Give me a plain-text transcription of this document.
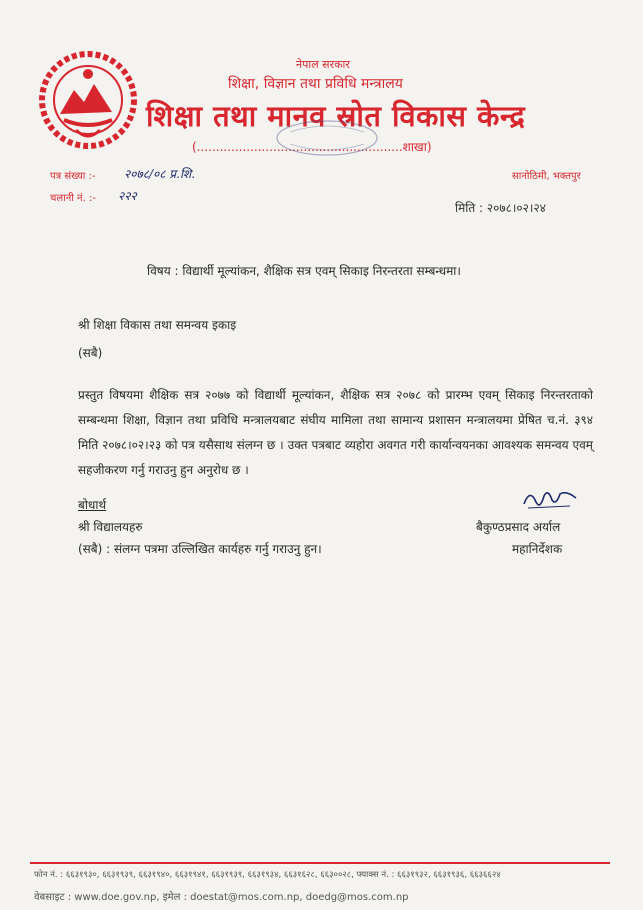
नेपाल सरकार
शिक्षा, विज्ञान तथा प्रविधि मन्त्रालय
शिक्षा तथा मानव स्रोत विकास केन्द्र
(......................................................शाखा)
पत्र संख्या :- २०७८/०८ प्र.शि.
चलानी नं. :- २२२
सानोठिमी, भक्तपुर
मिति : २०७८।०२।२४
विषय : विद्यार्थी मूल्यांकन, शैक्षिक सत्र एवम् सिकाइ निरन्तरता सम्बन्धमा।
श्री शिक्षा विकास तथा समन्वय इकाइ
(सबै)
प्रस्तुत विषयमा शैक्षिक सत्र २०७७ को विद्यार्थी मूल्यांकन, शैक्षिक सत्र २०७८ को प्रारम्भ एवम् सिकाइ निरन्तरताको सम्बन्धमा शिक्षा, विज्ञान तथा प्रविधि मन्त्रालयबाट संघीय मामिला तथा सामान्य प्रशासन मन्त्रालयमा प्रेषित च.नं. ३९४ मिति २०७८।०२।२३ को पत्र यसैसाथ संलग्न छ । उक्त पत्रबाट व्यहोरा अवगत गरी कार्यान्वयनका आवश्यक समन्वय एवम् सहजीकरण गर्नु गराउनु हुन अनुरोध छ ।
बोधार्थ
श्री विद्यालयहरु
(सबै) : संलग्न पत्रमा उल्लिखित कार्यहरु गर्नु गराउनु हुन।
बैकुण्ठप्रसाद अर्याल
महानिर्देशक
फोन नं. : ६६३१९३०, ६६३१९३९, ६६३१९४०, ६६३१९४१, ६६३१९३९, ६६३१९३४, ६६३१६२८, ६६३००२८, फ्याक्स नं. : ६६३१९३२, ६६३१९३६, ६६३६६२४
वेबसाइट : www.doe.gov.np, इमेल : doestat@mos.com.np, doedg@mos.com.np
